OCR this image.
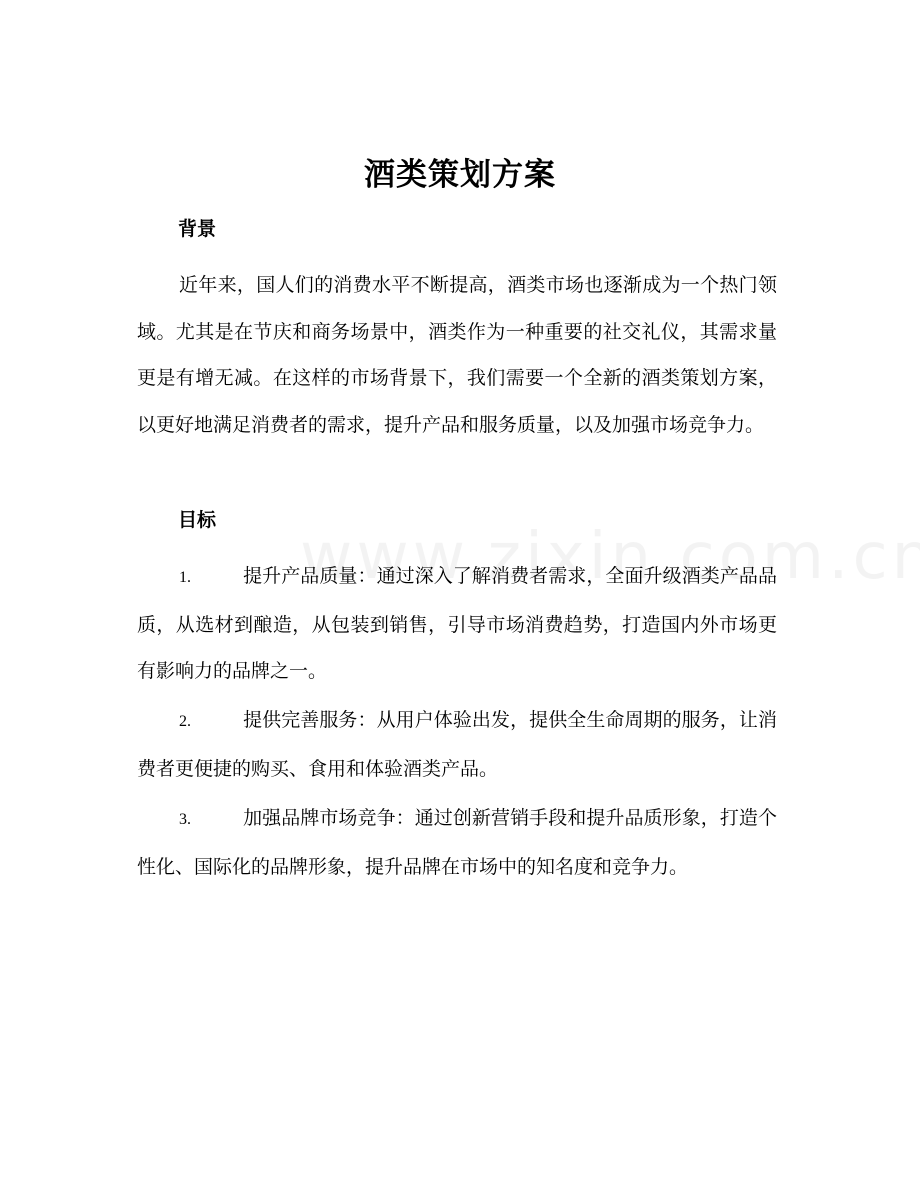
酒类策划方案
背景

近年来，国人们的消费水平不断提高，酒类市场也逐渐成为一个热门领域。尤其是在节庆和商务场景中，酒类作为一种重要的社交礼仪，其需求量更是有增无减。在这样的市场背景下，我们需要一个全新的酒类策划方案，以更好地满足消费者的需求，提升产品和服务质量，以及加强市场竞争力。

目标

1.	提升产品质量：通过深入了解消费者需求，全面升级酒类产品品质，从选材到酿造，从包装到销售，引导市场消费趋势，打造国内外市场更有影响力的品牌之一。

2.	提供完善服务：从用户体验出发，提供全生命周期的服务，让消费者更便捷的购买、食用和体验酒类产品。

3.	加强品牌市场竞争：通过创新营销手段和提升品质形象，打造个性化、国际化的品牌形象，提升品牌在市场中的知名度和竞争力。
